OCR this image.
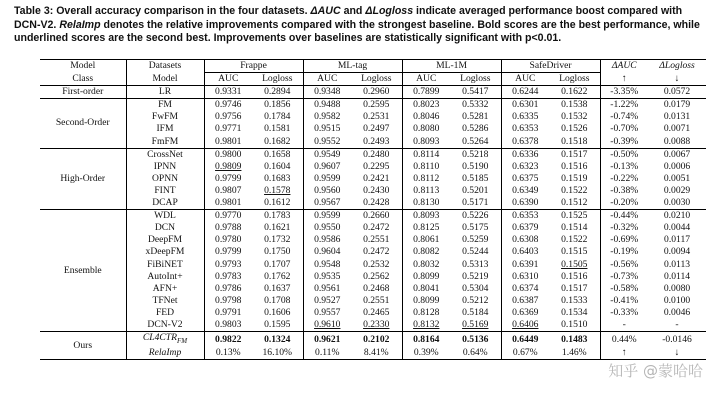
Table 3: Overall accuracy comparison in the four datasets. ΔAUC and ΔLogloss indicate averaged performance boost compared with DCN-V2. RelaImp denotes the relative improvements compared with the strongest baseline. Bold scores are the best performance, while underlined scores are the second best. Improvements over baselines are statistically significant with p<0.01.
Model	Datasets	Frappe		ML-tag		ML-1M		SafeDriver		ΔAUC	ΔLogloss
Class	Model	AUC	Logloss	AUC	Logloss	AUC	Logloss	AUC	Logloss	↑	↓
First-order	LR	0.9331	0.2894	0.9348	0.2960	0.7899	0.5417	0.6244	0.1622	-3.35%	0.0572
Second-Order	FM	0.9746	0.1856	0.9488	0.2595	0.8023	0.5332	0.6301	0.1538	-1.22%	0.0179
	FwFM	0.9756	0.1784	0.9582	0.2531	0.8046	0.5281	0.6335	0.1532	-0.74%	0.0131
	IFM	0.9771	0.1581	0.9515	0.2497	0.8080	0.5286	0.6353	0.1526	-0.70%	0.0071
	FmFM	0.9801	0.1682	0.9552	0.2493	0.8093	0.5264	0.6378	0.1518	-0.39%	0.0088
High-Order	CrossNet	0.9800	0.1658	0.9549	0.2480	0.8114	0.5218	0.6336	0.1517	-0.50%	0.0067
	IPNN	0.9809	0.1604	0.9607	0.2295	0.8110	0.5190	0.6323	0.1516	-0.13%	0.0006
	OPNN	0.9799	0.1683	0.9599	0.2421	0.8112	0.5185	0.6375	0.1519	-0.22%	0.0051
	FINT	0.9807	0.1578	0.9560	0.2430	0.8113	0.5201	0.6349	0.1522	-0.38%	0.0029
	DCAP	0.9801	0.1612	0.9567	0.2428	0.8130	0.5171	0.6390	0.1512	-0.20%	0.0030
Ensemble	WDL	0.9770	0.1783	0.9599	0.2660	0.8093	0.5226	0.6353	0.1525	-0.44%	0.0210
	DCN	0.9788	0.1621	0.9550	0.2472	0.8125	0.5175	0.6379	0.1514	-0.32%	0.0044
	DeepFM	0.9780	0.1732	0.9586	0.2551	0.8061	0.5259	0.6308	0.1522	-0.69%	0.0117
	xDeepFM	0.9799	0.1750	0.9604	0.2472	0.8082	0.5244	0.6403	0.1515	-0.19%	0.0094
	FiBiNET	0.9793	0.1707	0.9548	0.2532	0.8032	0.5313	0.6391	0.1505	-0.56%	0.0113
	AutoInt+	0.9783	0.1762	0.9535	0.2562	0.8099	0.5219	0.6310	0.1516	-0.73%	0.0114
	AFN+	0.9786	0.1637	0.9561	0.2468	0.8041	0.5304	0.6374	0.1517	-0.58%	0.0080
	TFNet	0.9798	0.1708	0.9527	0.2551	0.8099	0.5212	0.6387	0.1533	-0.41%	0.0100
	FED	0.9791	0.1606	0.9557	0.2465	0.8128	0.5184	0.6369	0.1534	-0.33%	0.0046
	DCN-V2	0.9803	0.1595	0.9610	0.2330	0.8132	0.5169	0.6406	0.1510	-	-
Ours	$CL4CTR_{FM}$	0.9822	0.1324	0.9621	0.2102	0.8164	0.5136	0.6449	0.1483	0.44%	-0.0146
	RelaImp	0.13%	16.10%	0.11%	8.41%	0.39%	0.64%	0.67%	1.46%	↑	↓
知乎 @蒙哈哈
